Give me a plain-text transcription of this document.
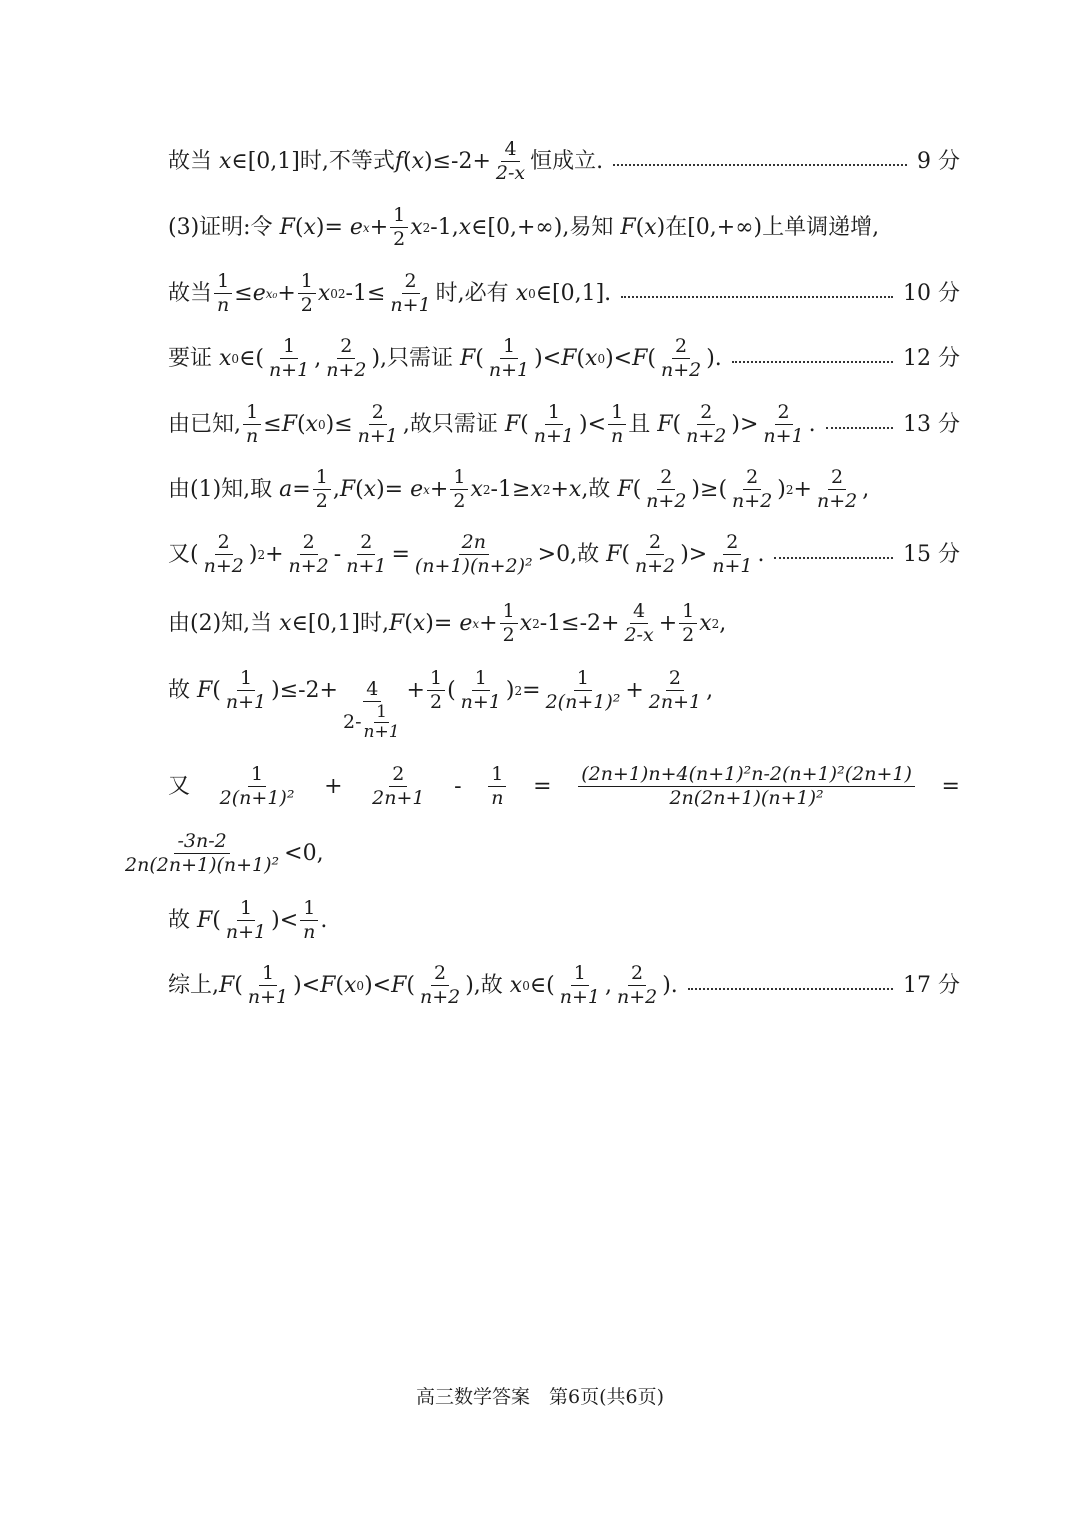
故当 x ∈[0,1]时,不等式 f ( x )$\le-2+ \frac{4}{2-x}$ 恒成立.	9 分
(3)证明:令 F ( x )= e $x + \frac{1}{2}$ x 2 -1, x ∈[0,+∞),易知 F ( x )在[0,+∞)上单调递增,
故当 $\frac{1}{n} \le e$ $x_0 + \frac{1}{2}$ x 0 2 $-1\le \frac{2}{n+1}$ 时,必有 x 0 ∈[0,1].	10 分
要证 x 0 ∈( $\frac{1}{n+1}$ , $\frac{2}{n+2}$ ),只需证 F ( $\frac{1}{n+1}$ )< F ( x 0 )< F ( $\frac{2}{n+2}$ ).	12 分
由已知, $\frac{1}{n} \le F$ ( x 0 )≤ $\frac{2}{n+1}$ ,故只需证 F ( $\frac{1}{n+1}$ )< $\frac{1}{n}$ 且 F ( $\frac{2}{n+2}$ )> $\frac{2}{n+1}$ .	13 分
由(1)知,取 $a = \frac{1}{2}$ , F ( x )= e $x + \frac{1}{2}$ x 2 -1≥ x 2 + x ,故 F ( $\frac{2}{n+2}$ )≥( $\frac{2}{n+2}$ ) $2 + \frac{2}{n+2}$ ,
又( $\frac{2}{n+2}$ ) $2 + \frac{2}{n+2} - \frac{2}{n+1} = \frac{2n}{\text{(n+1)(n+2)²}} >0$,故 F ( $\frac{2}{n+2}$ )> $\frac{2}{n+1}$ .	15 分
由(2)知,当 x ∈[0,1]时, F ( x )= e $x + \frac{1}{2}$ x 2 $-1\le-2+ \frac{4}{2-x} + \frac{1}{2}$ x 2 ,
故 F ( $\frac{1}{n+1} )\le-2+ \frac{4}{2- \frac{1}{n+1}} + \frac{1}{2}$ ( $\frac{1}{n+1}$ ) $2 = \frac{1}{\text{2(n+1)²}} + \frac{2}{2n+1}$ ,
又 $\frac{1}{\text{2(n+1)²}} + \frac{2}{2n+1} - \frac{1}{n} = \frac{\text{(2n+1)n+4(n+1)²n-2(n+1)²(2n+1)}}{\text{2n(2n+1)(n+1)²}}$ =
$\frac{-3n-2}{\text{2n(2n+1)(n+1)²}} <0$,
故 F ( $\frac{1}{n+1}$ )< $\frac{1}{n}$ .
综上, F ( $\frac{1}{n+1}$ )< F ( x 0 )< F ( $\frac{2}{n+2}$ ),故 x 0 ∈( $\frac{1}{n+1}$ , $\frac{2}{n+2}$ ).	17 分
高三数学答案　第6页(共6页)
